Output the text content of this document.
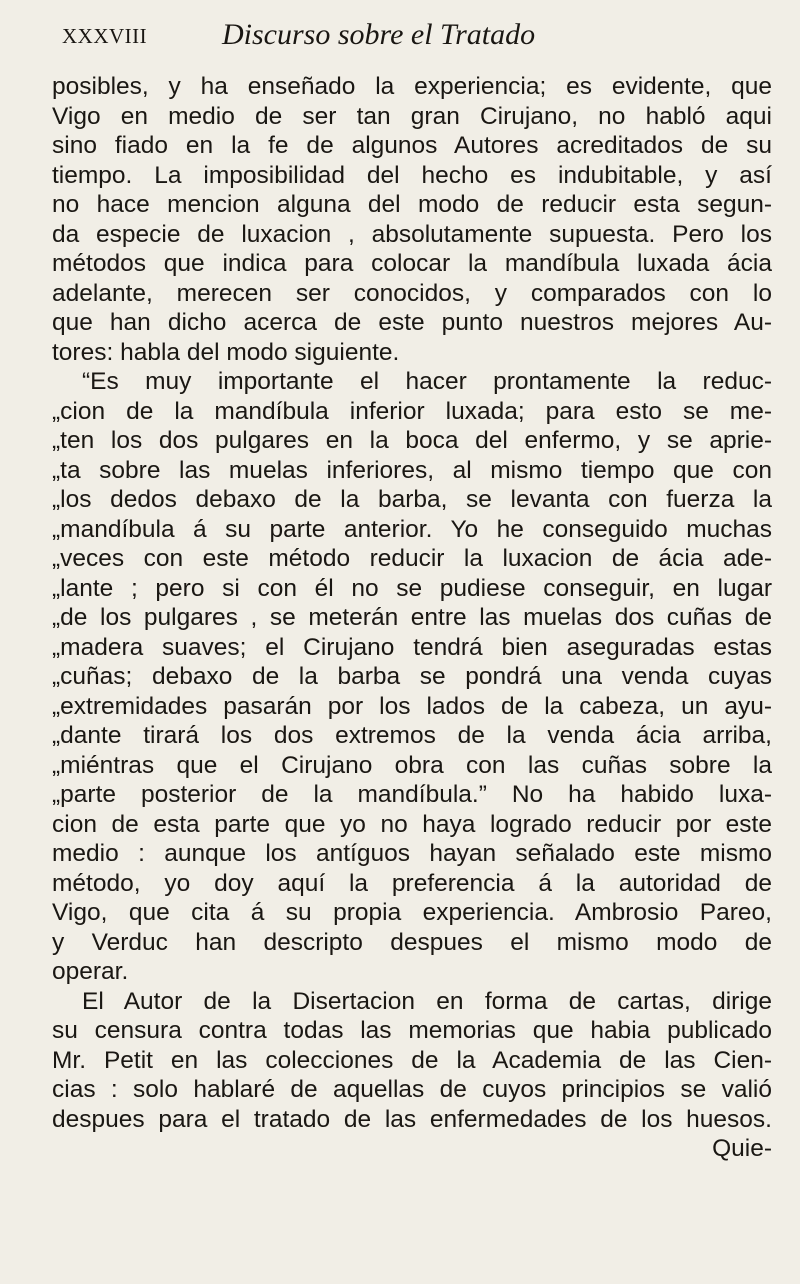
XXXVIII Discurso sobre el Tratado
posibles, y ha enseñado la experiencia; es evidente, que
Vigo en medio de ser tan gran Cirujano, no habló aqui
sino fiado en la fe de algunos Autores acreditados de su
tiempo. La imposibilidad del hecho es indubitable, y así
no hace mencion alguna del modo de reducir esta segun-
da especie de luxacion , absolutamente supuesta. Pero los
métodos que indica para colocar la mandíbula luxada ácia
adelante, merecen ser conocidos, y comparados con lo
que han dicho acerca de este punto nuestros mejores Au-
tores: habla del modo siguiente.
“Es muy importante el hacer prontamente la reduc-
„cion de la mandíbula inferior luxada; para esto se me-
„ten los dos pulgares en la boca del enfermo, y se aprie-
„ta sobre las muelas inferiores, al mismo tiempo que con
„los dedos debaxo de la barba, se levanta con fuerza la
„mandíbula á su parte anterior. Yo he conseguido muchas
„veces con este método reducir la luxacion de ácia ade-
„lante ; pero si con él no se pudiese conseguir, en lugar
„de los pulgares , se meterán entre las muelas dos cuñas de
„madera suaves; el Cirujano tendrá bien aseguradas estas
„cuñas; debaxo de la barba se pondrá una venda cuyas
„extremidades pasarán por los lados de la cabeza, un ayu-
„dante tirará los dos extremos de la venda ácia arriba,
„miéntras que el Cirujano obra con las cuñas sobre la
„parte posterior de la mandíbula.” No ha habido luxa-
cion de esta parte que yo no haya logrado reducir por este
medio : aunque los antíguos hayan señalado este mismo
método, yo doy aquí la preferencia á la autoridad de
Vigo, que cita á su propia experiencia. Ambrosio Pareo,
y Verduc han descripto despues el mismo modo de
operar.
El Autor de la Disertacion en forma de cartas, dirige
su censura contra todas las memorias que habia publicado
Mr. Petit en las colecciones de la Academia de las Cien-
cias : solo hablaré de aquellas de cuyos principios se valió
despues para el tratado de las enfermedades de los huesos.
Quie-
